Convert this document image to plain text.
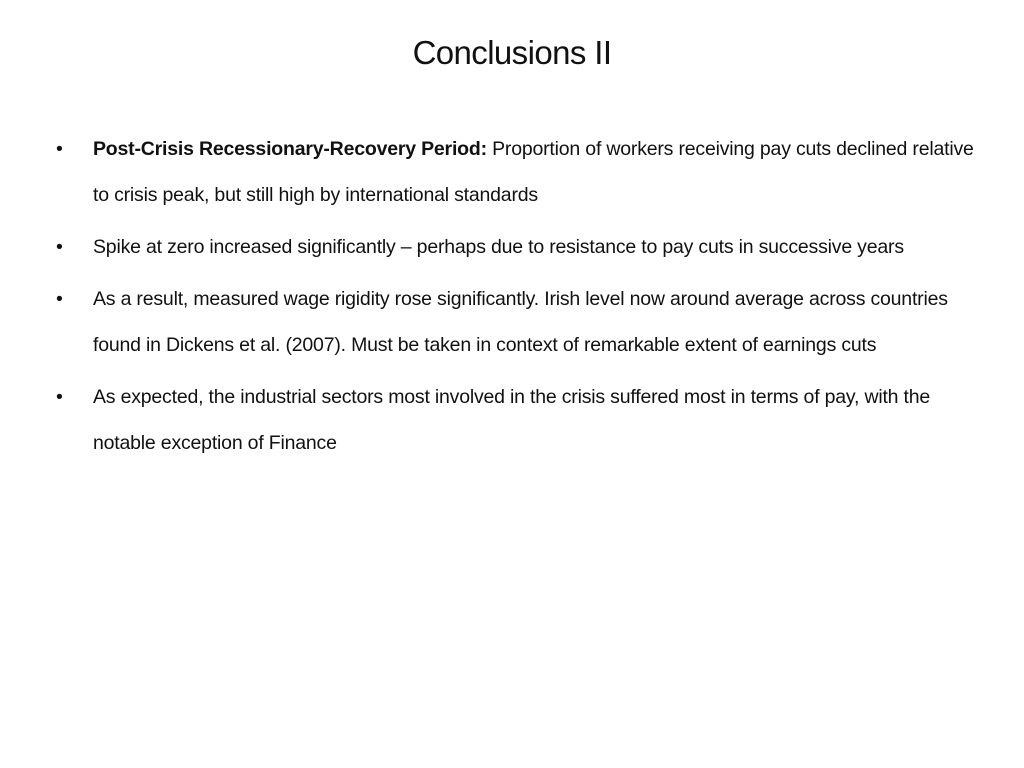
Conclusions II
•	Post-Crisis Recessionary-Recovery Period: Proportion of workers receiving pay cuts declined relative to crisis peak, but still high by international standards
•	Spike at zero increased significantly – perhaps due to resistance to pay cuts in successive years
•	As a result, measured wage rigidity rose significantly. Irish level now around average across countries found in Dickens et al. (2007). Must be taken in context of remarkable extent of earnings cuts
•	As expected, the industrial sectors most involved in the crisis suffered most in terms of pay, with the notable exception of Finance
